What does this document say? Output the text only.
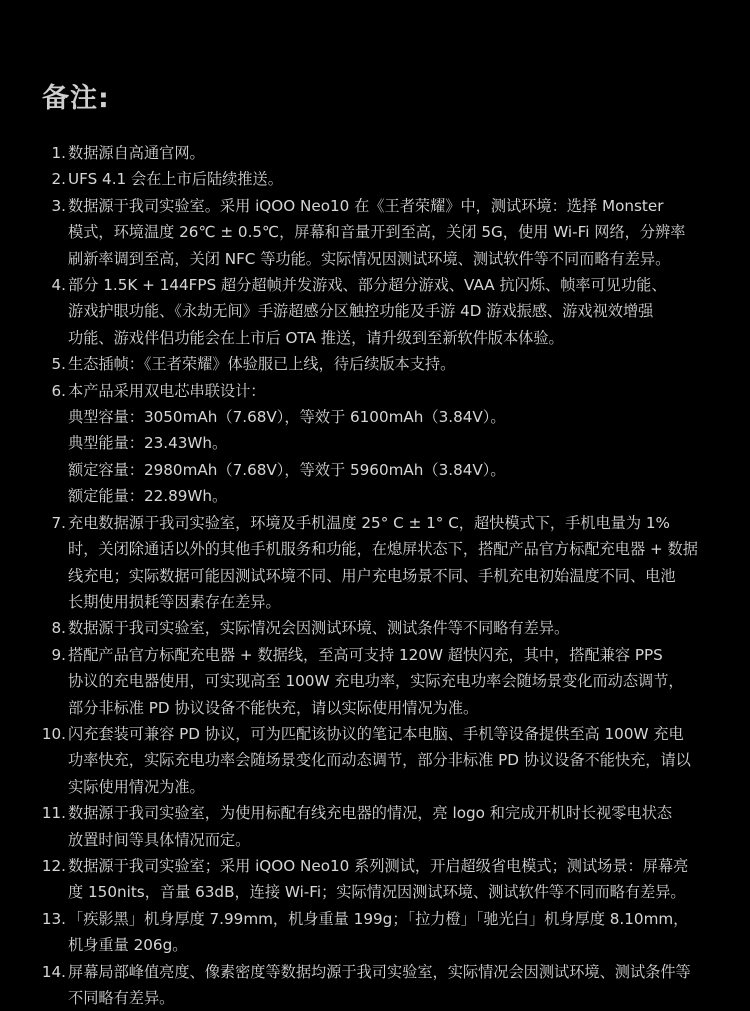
备注:
1. 数据源自高通官网。
2. UFS 4.1 会在上市后陆续推送。
3. 数据源于我司实验室。采用 iQOO Neo10 在《王者荣耀》中，测试环境：选择 Monster
模式，环境温度 26℃ ± 0.5℃，屏幕和音量开到至高，关闭 5G，使用 Wi-Fi 网络，分辨率
刷新率调到至高，关闭 NFC 等功能。实际情况因测试环境、测试软件等不同而略有差异。
4. 部分 1.5K + 144FPS 超分超帧并发游戏、部分超分游戏、VAA 抗闪烁、帧率可见功能、
游戏护眼功能、《永劫无间》手游超感分区触控功能及手游 4D 游戏振感、游戏视效增强
功能、游戏伴侣功能会在上市后 OTA 推送，请升级到至新软件版本体验。
5. 生态插帧：《王者荣耀》体验服已上线，待后续版本支持。
6. 本产品采用双电芯串联设计：
典型容量：3050mAh（7.68V），等效于 6100mAh（3.84V）。
典型能量：23.43Wh。
额定容量：2980mAh（7.68V），等效于 5960mAh（3.84V）。
额定能量：22.89Wh。
7. 充电数据源于我司实验室，环境及手机温度 25° C ± 1° C，超快模式下，手机电量为 1%
时，关闭除通话以外的其他手机服务和功能，在熄屏状态下，搭配产品官方标配充电器 + 数据
线充电；实际数据可能因测试环境不同、用户充电场景不同、手机充电初始温度不同、电池
长期使用损耗等因素存在差异。
8. 数据源于我司实验室，实际情况会因测试环境、测试条件等不同略有差异。
9. 搭配产品官方标配充电器 + 数据线，至高可支持 120W 超快闪充，其中，搭配兼容 PPS
协议的充电器使用，可实现高至 100W 充电功率，实际充电功率会随场景变化而动态调节，
部分非标准 PD 协议设备不能快充，请以实际使用情况为准。
10. 闪充套装可兼容 PD 协议，可为匹配该协议的笔记本电脑、手机等设备提供至高 100W 充电
功率快充，实际充电功率会随场景变化而动态调节，部分非标准 PD 协议设备不能快充，请以
实际使用情况为准。
11. 数据源于我司实验室，为使用标配有线充电器的情况，亮 logo 和完成开机时长视零电状态
放置时间等具体情况而定。
12. 数据源于我司实验室；采用 iQOO Neo10 系列测试，开启超级省电模式；测试场景：屏幕亮
度 150nits，音量 63dB，连接 Wi-Fi；实际情况因测试环境、测试软件等不同而略有差异。
13. 「疾影黑」机身厚度 7.99mm，机身重量 199g；「拉力橙」「驰光白」机身厚度 8.10mm，
机身重量 206g。
14. 屏幕局部峰值亮度、像素密度等数据均源于我司实验室，实际情况会因测试环境、测试条件等
不同略有差异。
